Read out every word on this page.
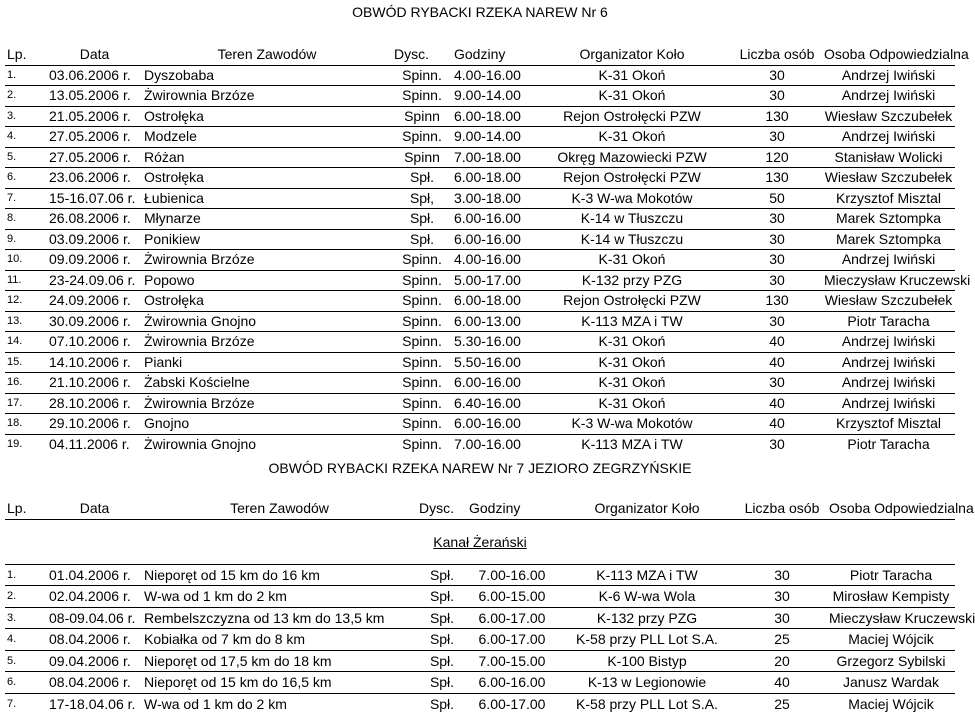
OBWÓD RYBACKI RZEKA NAREW Nr 6
Lp.	Data	Teren Zawodów	Dysc.	Godziny	Organizator Koło	Liczba osób	Osoba Odpowiedzialna
1.	03.06.2006 r.	Dyszobaba	Spinn.	4.00-16.00	K-31 Okoń	30	Andrzej Iwiński
2.	13.05.2006 r.	Żwirownia Brzóze	Spinn.	9.00-14.00	K-31 Okoń	30	Andrzej Iwiński
3.	21.05.2006 r.	Ostrołęka	Spinn	6.00-18.00	Rejon Ostrołęcki PZW	130	Wiesław Szczubełek
4.	27.05.2006 r.	Modzele	Spinn.	9.00-14.00	K-31 Okoń	30	Andrzej Iwiński
5.	27.05.2006 r.	Różan	Spinn	7.00-18.00	Okręg Mazowiecki PZW	120	Stanisław Wolicki
6.	23.06.2006 r.	Ostrołęka	Spł.	6.00-18.00	Rejon Ostrołęcki PZW	130	Wiesław Szczubełek
7.	15-16.07.06 r.	Łubienica	Spł,	3.00-18.00	K-3 W-wa Mokotów	50	Krzysztof Misztal
8.	26.08.2006 r.	Młynarze	Spł.	6.00-16.00	K-14 w Tłuszczu	30	Marek Sztompka
9.	03.09.2006 r.	Ponikiew	Spł.	6.00-16.00	K-14 w Tłuszczu	30	Marek Sztompka
10.	09.09.2006 r.	Żwirownia Brzóze	Spinn.	4.00-16.00	K-31 Okoń	30	Andrzej Iwiński
11.	23-24.09.06 r.	Popowo	Spinn.	5.00-17.00	K-132 przy PZG	30	Mieczysław Kruczewski
12.	24.09.2006 r.	Ostrołęka	Spinn.	6.00-18.00	Rejon Ostrołęcki PZW	130	Wiesław Szczubełek
13.	30.09.2006 r.	Żwirownia Gnojno	Spinn.	6.00-13.00	K-113 MZA i TW	30	Piotr Taracha
14.	07.10.2006 r.	Żwirownia Brzóze	Spinn.	5.30-16.00	K-31 Okoń	40	Andrzej Iwiński
15.	14.10.2006 r.	Pianki	Spinn.	5.50-16.00	K-31 Okoń	40	Andrzej Iwiński
16.	21.10.2006 r.	Żabski Kościelne	Spinn.	6.00-16.00	K-31 Okoń	30	Andrzej Iwiński
17.	28.10.2006 r.	Żwirownia Brzóze	Spinn.	6.40-16.00	K-31 Okoń	40	Andrzej Iwiński
18.	29.10.2006 r.	Gnojno	Spinn.	6.00-16.00	K-3 W-wa Mokotów	40	Krzysztof Misztal
19.	04.11.2006 r.	Żwirownia Gnojno	Spinn.	7.00-16.00	K-113 MZA i TW	30	Piotr Taracha
OBWÓD RYBACKI RZEKA NAREW Nr 7 JEZIORO ZEGRZYŃSKIE
Lp.	Data	Teren Zawodów	Dysc.	Godziny	Organizator Koło	Liczba osób	Osoba Odpowiedzialna
Kanał Żerański							
1.	01.04.2006 r.	Nieporęt od 15 km do 16 km	Spł.	7.00-16.00	K-113 MZA i TW	30	Piotr Taracha
2.	02.04.2006 r.	W-wa od 1 km do 2 km	Spł.	6.00-15.00	K-6 W-wa Wola	30	Mirosław Kempisty
3.	08-09.04.06 r.	Rembelszczyzna od 13 km do 13,5 km	Spł.	6.00-17.00	K-132 przy PZG	30	Mieczysław Kruczewski
4.	08.04.2006 r.	Kobiałka od 7 km do 8 km	Spł.	6.00-17.00	K-58 przy PLL Lot S.A.	25	Maciej Wójcik
5.	09.04.2006 r.	Nieporęt od 17,5 km do 18 km	Spł.	7.00-15.00	K-100 Bistyp	20	Grzegorz Sybilski
6.	08.04.2006 r.	Nieporęt od 15 km do 16,5 km	Spł.	6.00-16.00	K-13 w Legionowie	40	Janusz Wardak
7.	17-18.04.06 r.	W-wa od 1 km do 2 km	Spł.	6.00-17.00	K-58 przy PLL Lot S.A.	25	Maciej Wójcik
